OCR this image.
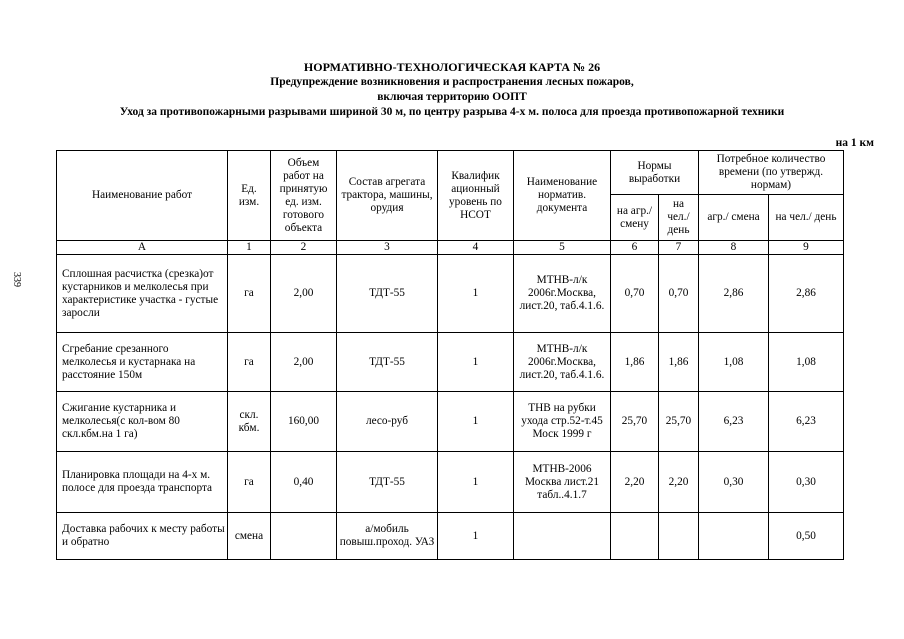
НОРМАТИВНО-ТЕХНОЛОГИЧЕСКАЯ КАРТА № 26
Предупреждение возникновения и распространения лесных пожаров,
включая территорию ООПТ
Уход за противопожарными разрывами шириной 30 м, по центру разрыва 4-х м. полоса для проезда противопожарной техники
на 1 км
339
Наименование работ	Ед. изм.	Объем работ на принятую ед. изм. готового объекта	Состав агрегата трактора, машины, орудия	Квалифик ационный уровень по НСОТ	Наименование норматив. документа	Нормы выработки		Потребное количество времени (по утвержд. нормам)	
						на агр./ смену	на чел./ день	агр./ смена	на чел./ день
А	1	2	3	4	5	6	7	8	9
Сплошная расчистка (срезка)от кустарников и мелколесья при характеристике участка - густые заросли	га	2,00	ТДТ-55	1	МТНВ-л/к 2006г.Москва, лист.20, таб.4.1.6.	0,70	0,70	2,86	2,86
Сгребание срезанного мелколесья и кустарнака на расстояние 150м	га	2,00	ТДТ-55	1	МТНВ-л/к 2006г.Москва, лист.20, таб.4.1.6.	1,86	1,86	1,08	1,08
Сжигание кустарника и мелколесья(с кол-вом 80 скл.кбм.на 1 га)	скл. кбм.	160,00	лесо-руб	1	ТНВ на рубки ухода стр.52-т.45 Моск 1999 г	25,70	25,70	6,23	6,23
Планировка площади на 4-х м. полосе для проезда транспорта	га	0,40	ТДТ-55	1	МТНВ-2006 Москва лист.21 табл..4.1.7	2,20	2,20	0,30	0,30
Доставка рабочих к месту работы и обратно	смена		а/мобиль повыш.проход. УАЗ	1					0,50
